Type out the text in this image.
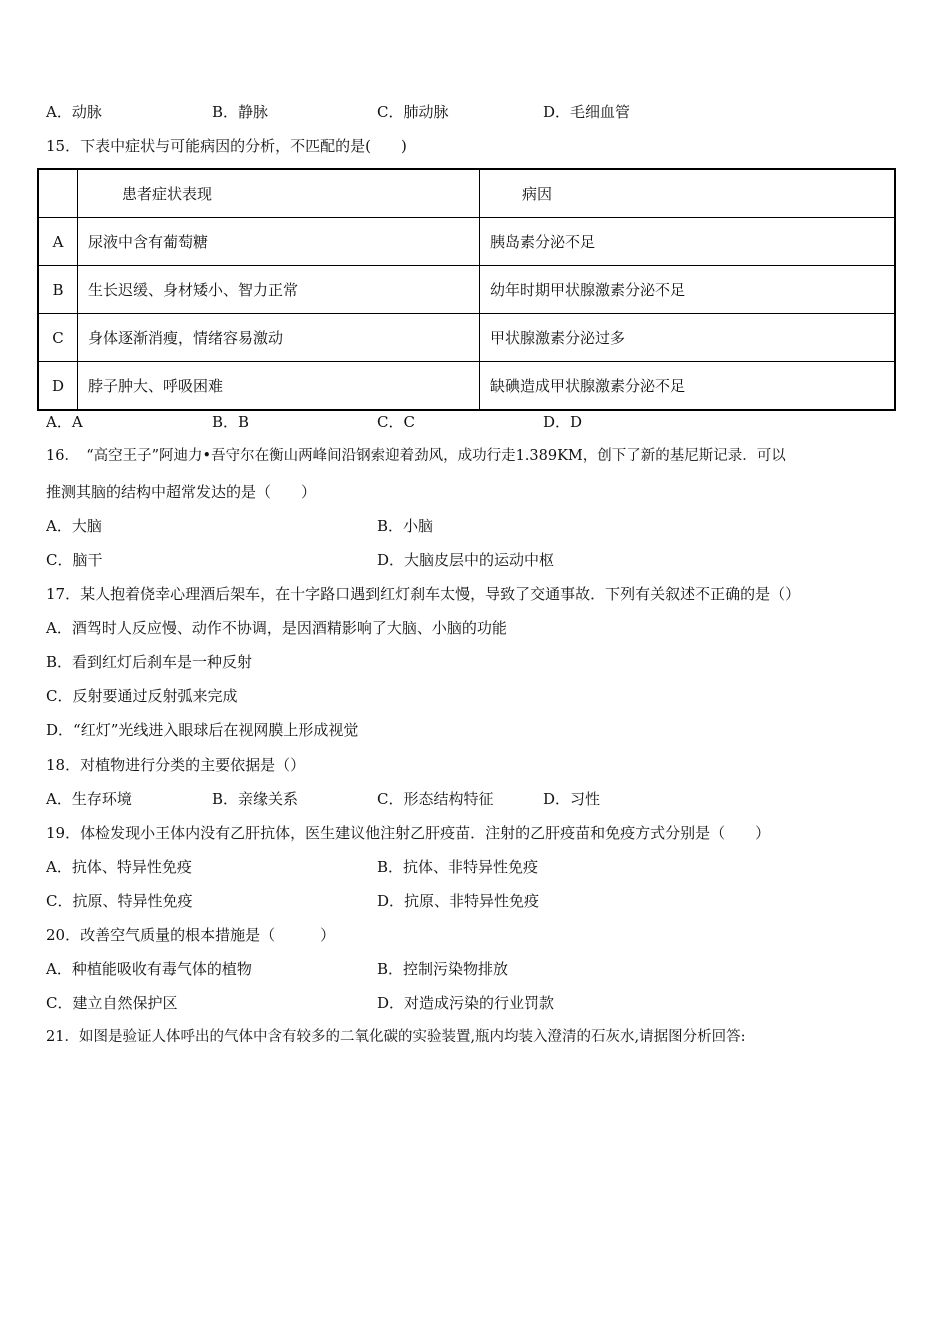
A．动脉	B．静脉	C．肺动脉	D．毛细血管
15．下表中症状与可能病因的分析，不匹配的是(　　)
	患者症状表现	病因
A	尿液中含有葡萄糖	胰岛素分泌不足
B	生长迟缓、身材矮小、智力正常	幼年时期甲状腺激素分泌不足
C	身体逐渐消瘦，情绪容易激动	甲状腺激素分泌过多
D	脖子肿大、呼吸困难	缺碘造成甲状腺激素分泌不足
A．A	B．B	C．C	D．D
16．　“高空王子”阿迪力•吾守尔在衡山两峰间沿钢索迎着劲风，成功行走1.389KM，创下了新的基尼斯记录．可以
推测其脑的结构中超常发达的是（　　）
A．大脑	B．小脑
C．脑干	D．大脑皮层中的运动中枢
17．某人抱着侥幸心理酒后架车，在十字路口遇到红灯刹车太慢，导致了交通事故．下列有关叙述不正确的是（）
A．酒驾时人反应慢、动作不协调，是因酒精影响了大脑、小脑的功能
B．看到红灯后刹车是一种反射
C．反射要通过反射弧来完成
D．“红灯”光线进入眼球后在视网膜上形成视觉
18．对植物进行分类的主要依据是（）
A．生存环境	B．亲缘关系	C．形态结构特征	D．习性
19．体检发现小王体内没有乙肝抗体，医生建议他注射乙肝疫苗．注射的乙肝疫苗和免疫方式分别是（　　）
A．抗体、特异性免疫	B．抗体、非特异性免疫
C．抗原、特异性免疫	D．抗原、非特异性免疫
20．改善空气质量的根本措施是（　　　）
A．种植能吸收有毒气体的植物	B．控制污染物排放
C．建立自然保护区	D．对造成污染的行业罚款
21．如图是验证人体呼出的气体中含有较多的二氧化碳的实验装置,瓶内均装入澄清的石灰水,请据图分析回答:
